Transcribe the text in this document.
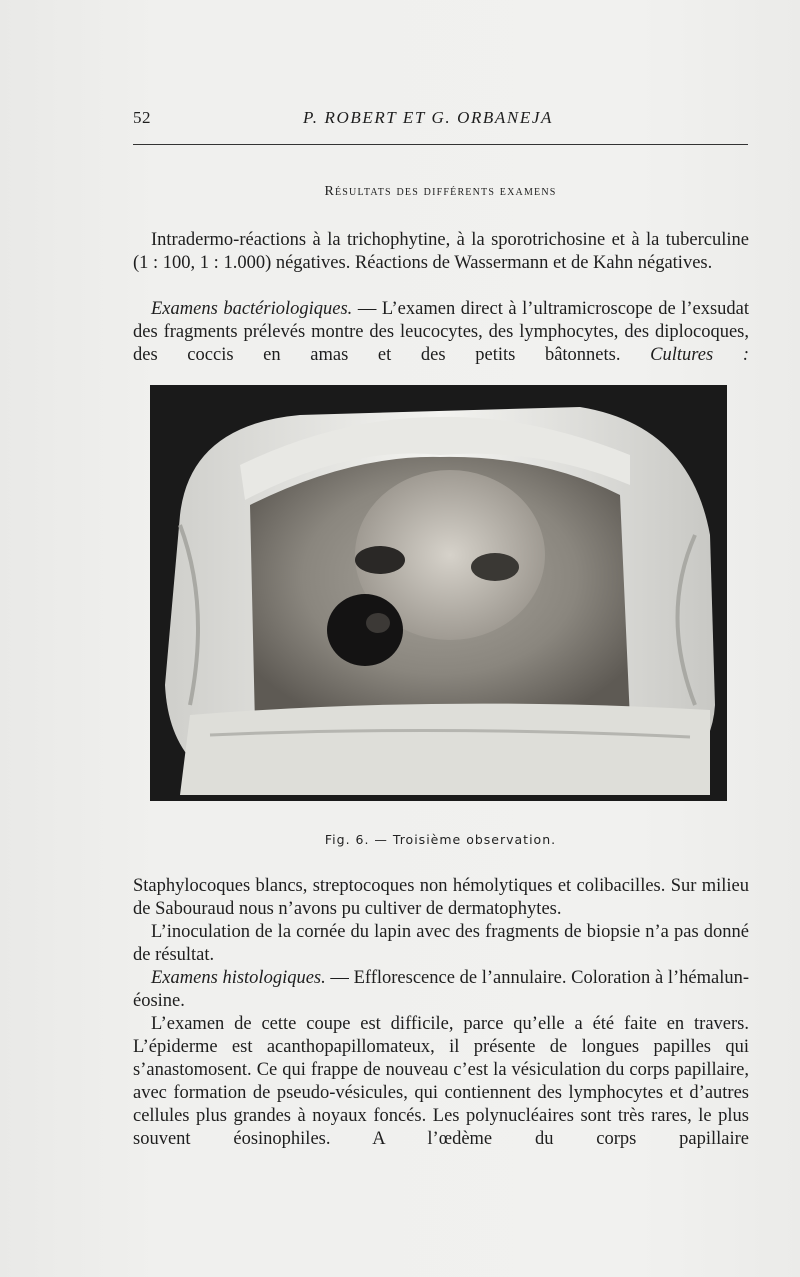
52	P. ROBERT ET G. ORBANEJA
Résultats des différents examens

Intradermo-réactions à la trichophytine, à la sporotrichosine et à la tuberculine (1 : 100, 1 : 1.000) négatives. Réactions de Wassermann et de Kahn négatives.

Examens bactériologiques. — L’examen direct à l’ultramicroscope de l’exsudat des fragments prélevés montre des leucocytes, des lymphocytes, des diplocoques, des coccis en amas et des petits bâtonnets. Cultures :

Fig. 6. — Troisième observation.

Staphylocoques blancs, streptocoques non hémolytiques et colibacilles. Sur milieu de Sabouraud nous n’avons pu cultiver de dermatophytes.

L’inoculation de la cornée du lapin avec des fragments de biopsie n’a pas donné de résultat.

Examens histologiques. — Efflorescence de l’annulaire. Coloration à l’hémalun-éosine.

L’examen de cette coupe est difficile, parce qu’elle a été faite en travers. L’épiderme est acanthopapillomateux, il présente de longues papilles qui s’anastomosent. Ce qui frappe de nouveau c’est la vésiculation du corps papillaire, avec formation de pseudo-vésicules, qui contiennent des lymphocytes et d’autres cellules plus grandes à noyaux foncés. Les polynucléaires sont très rares, le plus souvent éosinophiles. A l’œdème du corps papillaire
